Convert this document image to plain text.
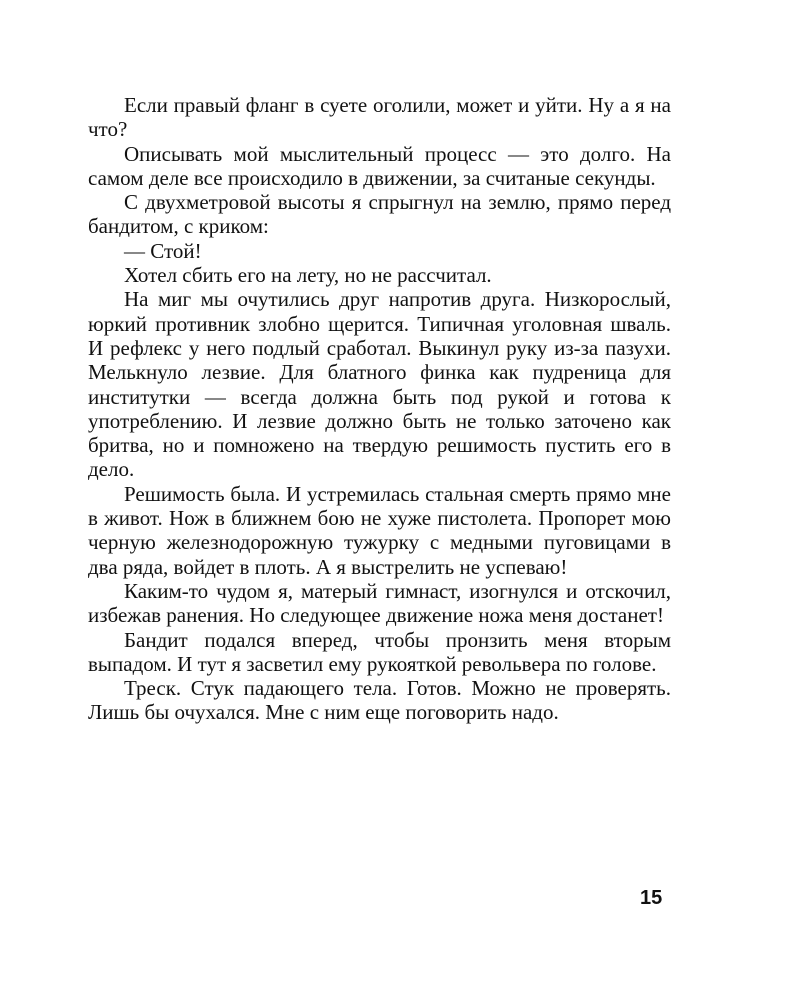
Если правый фланг в суете оголили, может и уйти. Ну а я на что?

Описывать мой мыслительный процесс — это долго. На самом деле все происходило в движении, за считаные секунды.

С двухметровой высоты я спрыгнул на землю, прямо перед бандитом, с криком:

— Стой!

Хотел сбить его на лету, но не рассчитал.

На миг мы очутились друг напротив друга. Низкорослый, юркий противник злобно щерится. Типичная уголовная шваль. И рефлекс у него подлый сработал. Выкинул руку из-за пазухи. Мелькнуло лезвие. Для блатного финка как пудреница для институтки — всегда должна быть под рукой и готова к употреблению. И лезвие должно быть не только заточено как бритва, но и помножено на твердую решимость пустить его в дело.

Решимость была. И устремилась стальная смерть прямо мне в живот. Нож в ближнем бою не хуже пистолета. Пропорет мою черную железнодорожную тужурку с медными пуговицами в два ряда, войдет в плоть. А я выстрелить не успеваю!

Каким-то чудом я, матерый гимнаст, изогнулся и отскочил, избежав ранения. Но следующее движение ножа меня достанет!

Бандит подался вперед, чтобы пронзить меня вторым выпадом. И тут я засветил ему рукояткой револьвера по голове.

Треск. Стук падающего тела. Готов. Можно не проверять. Лишь бы очухался. Мне с ним еще поговорить надо.

15
